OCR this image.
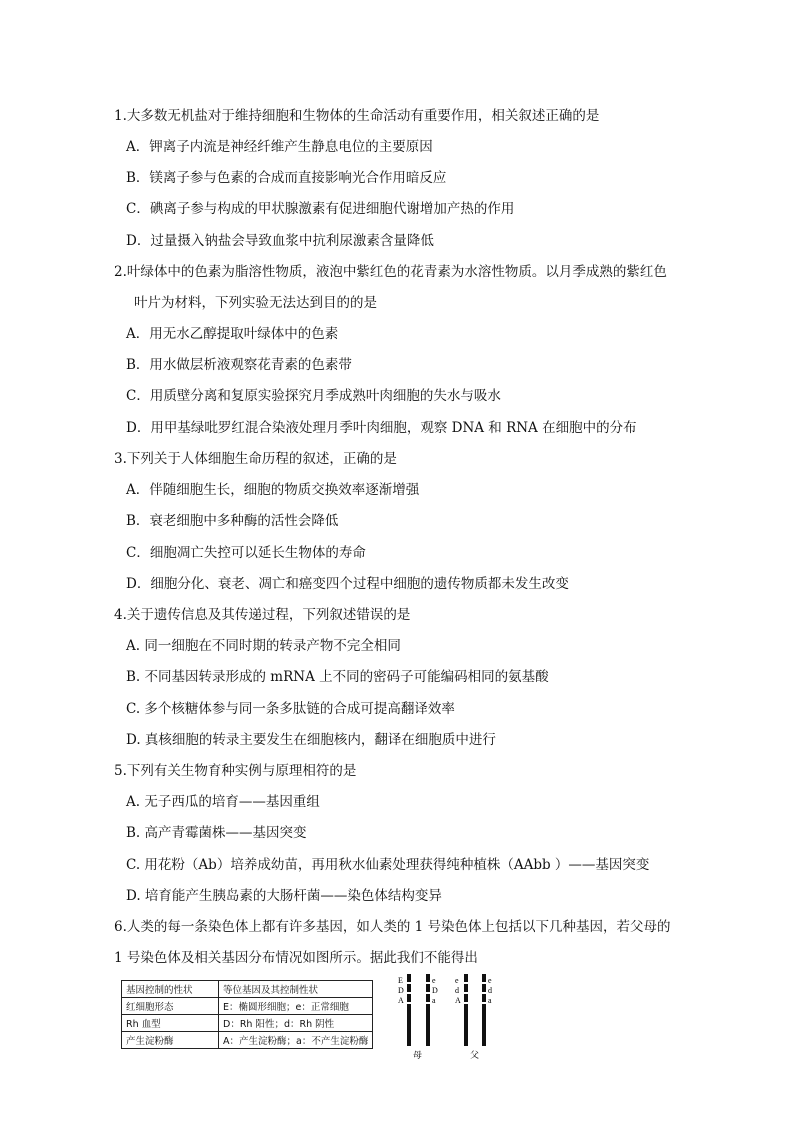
1.大多数无机盐对于维持细胞和生物体的生命活动有重要作用，相关叙述正确的是
A．钾离子内流是神经纤维产生静息电位的主要原因
B．镁离子参与色素的合成而直接影响光合作用暗反应
C．碘离子参与构成的甲状腺激素有促进细胞代谢增加产热的作用
D．过量摄入钠盐会导致血浆中抗利尿激素含量降低
2.叶绿体中的色素为脂溶性物质，液泡中紫红色的花青素为水溶性物质。以月季成熟的紫红色
叶片为材料，下列实验无法达到目的的是
A．用无水乙醇提取叶绿体中的色素
B．用水做层析液观察花青素的色素带
C．用质壁分离和复原实验探究月季成熟叶肉细胞的失水与吸水
D．用甲基绿吡罗红混合染液处理月季叶肉细胞，观察 DNA 和 RNA 在细胞中的分布
3.下列关于人体细胞生命历程的叙述，正确的是
A．伴随细胞生长，细胞的物质交换效率逐渐增强
B．衰老细胞中多种酶的活性会降低
C．细胞凋亡失控可以延长生物体的寿命
D．细胞分化、衰老、凋亡和癌变四个过程中细胞的遗传物质都未发生改变
4.关于遗传信息及其传递过程，下列叙述错误的是
A. 同一细胞在不同时期的转录产物不完全相同
B. 不同基因转录形成的 mRNA 上不同的密码子可能编码相同的氨基酸
C. 多个核糖体参与同一条多肽链的合成可提高翻译效率
D. 真核细胞的转录主要发生在细胞核内，翻译在细胞质中进行
5.下列有关生物育种实例与原理相符的是
A. 无子西瓜的培育——基因重组
B. 高产青霉菌株——基因突变
C. 用花粉（Ab）培养成幼苗，再用秋水仙素处理获得纯种植株（AAbb ）——基因突变
D. 培育能产生胰岛素的大肠杆菌——染色体结构变异
6.人类的每一条染色体上都有许多基因，如人类的 1 号染色体上包括以下几种基因，若父母的
1 号染色体及相关基因分布情况如图所示。据此我们不能得出
基因控制的性状	等位基因及其控制性状
红细胞形态	E：椭圆形细胞；e：正常细胞
Rh 血型	D：Rh 阳性；d：Rh 阴性
产生淀粉酶	A：产生淀粉酶；a：不产生淀粉酶
E
D
A
e
D
a
e
d
A
e
d
a
母	父
